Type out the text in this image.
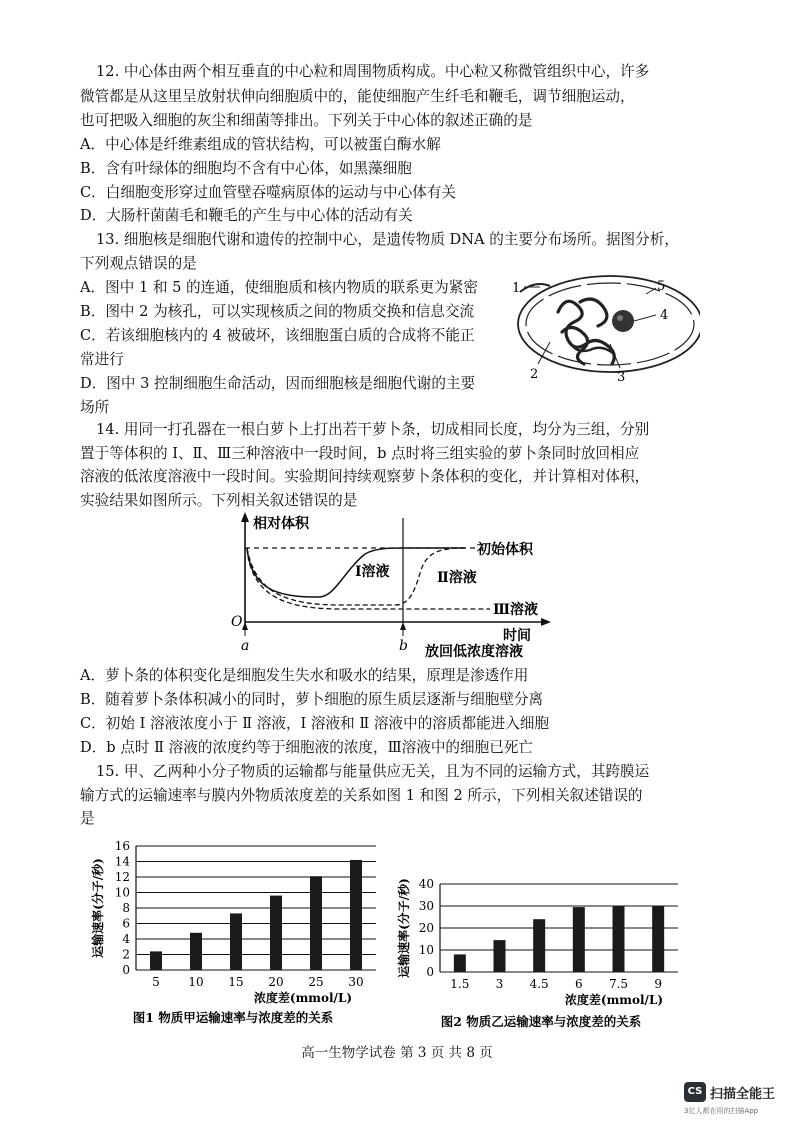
12. 中心体由两个相互垂直的中心粒和周围物质构成。中心粒又称微管组织中心，许多
微管都是从这里呈放射状伸向细胞质中的，能使细胞产生纤毛和鞭毛，调节细胞运动，
也可把吸入细胞的灰尘和细菌等排出。下列关于中心体的叙述正确的是
A．中心体是纤维素组成的管状结构，可以被蛋白酶水解
B．含有叶绿体的细胞均不含有中心体，如黑藻细胞
C．白细胞变形穿过血管壁吞噬病原体的运动与中心体有关
D．大肠杆菌菌毛和鞭毛的产生与中心体的活动有关
13. 细胞核是细胞代谢和遗传的控制中心，是遗传物质 DNA 的主要分布场所。据图分析，
下列观点错误的是
A．图中 1 和 5 的连通，使细胞质和核内物质的联系更为紧密
B．图中 2 为核孔，可以实现核质之间的物质交换和信息交流
C．若该细胞核内的 4 被破坏，该细胞蛋白质的合成将不能正
常进行
D．图中 3 控制细胞生命活动，因而细胞核是细胞代谢的主要
场所
1
2	3
4
5
14. 用同一打孔器在一根白萝卜上打出若干萝卜条，切成相同长度，均分为三组，分别
置于等体积的 Ⅰ、Ⅱ、Ⅲ三种溶液中一段时间，b 点时将三组实验的萝卜条同时放回相应
溶液的低浓度溶液中一段时间。实验期间持续观察萝卜条体积的变化，并计算相对体积，
实验结果如图所示。下列相关叙述错误的是
相对体积
时间
O
a	b
初始体积
Ⅰ溶液	Ⅱ溶液
Ⅲ溶液
放回低浓度溶液
A．萝卜条的体积变化是细胞发生失水和吸水的结果，原理是渗透作用
B．随着萝卜条体积减小的同时，萝卜细胞的原生质层逐渐与细胞壁分离
C．初始 Ⅰ 溶液浓度小于 Ⅱ 溶液，Ⅰ 溶液和 Ⅱ 溶液中的溶质都能进入细胞
D．b 点时 Ⅱ 溶液的浓度约等于细胞液的浓度，Ⅲ溶液中的细胞已死亡
15. 甲、乙两种小分子物质的运输都与能量供应无关，且为不同的运输方式，其跨膜运
输方式的运输速率与膜内外物质浓度差的关系如图 1 和图 2 所示，下列相关叙述错误的
是
0
2
4
6
8
10
12
14
16
5 10 15 20 25 30
运输速率(分子/秒)
浓度差(mmol/L)
图1 物质甲运输速率与浓度差的关系
0
10
20
30
40
1.5 3 4.5 6 7.5 9
运输速率(分子/秒)
浓度差(mmol/L)
图2 物质乙运输速率与浓度差的关系
高一生物学试卷 第 3 页 共 8 页
CS 扫描全能王
3亿人都在用的扫描App
